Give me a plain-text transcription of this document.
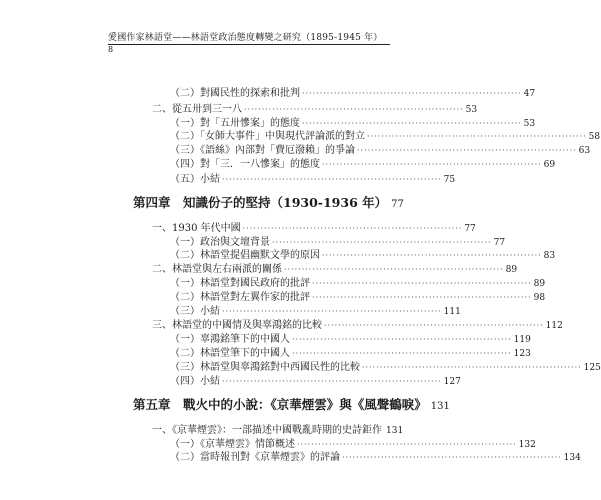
愛國作家林語堂——林語堂政治態度轉變之研究（1895-1945 年）
8
（二）對國民性的探索和批判 ······························································ 47
二、從五卅到三一八 ······························································ 53
（一）對「五卅慘案」的態度 ······························································ 53
（二）「女師大事件」中與現代評論派的對立 ······························································ 58
（三）《語絲》內部對「費厄潑賴」的爭論 ······························································ 63
（四）對「三．一八慘案」的態度 ······························································ 69
（五）小結 ······························································ 75
第四章　知識份子的堅持（1930-1936 年） 77
一、1930 年代中國 ······························································ 77
（一）政治與文壇背景 ······························································ 77
（二）林語堂提倡幽默文學的原因 ······························································ 83
二、林語堂與左右兩派的關係 ······························································ 89
（一）林語堂對國民政府的批評 ······························································ 89
（二）林語堂對左翼作家的批評 ······························································ 98
（三）小結 ······························································ 111
三、林語堂的中國情及與辜鴻銘的比較 ······························································ 112
（一）辜鴻銘筆下的中國人 ······························································ 119
（二）林語堂筆下的中國人 ······························································ 123
（三）林語堂與辜鴻銘對中西國民性的比較 ······························································ 125
（四）小結 ······························································ 127
第五章　戰火中的小說：《京華煙雲》與《風聲鶴唳》 131
一、《京華煙雲》：一部描述中國戰亂時期的史詩鉅作 131
（一）《京華煙雲》情節概述 ······························································ 132
（二）當時報刊對《京華煙雲》的評論 ······························································ 134
